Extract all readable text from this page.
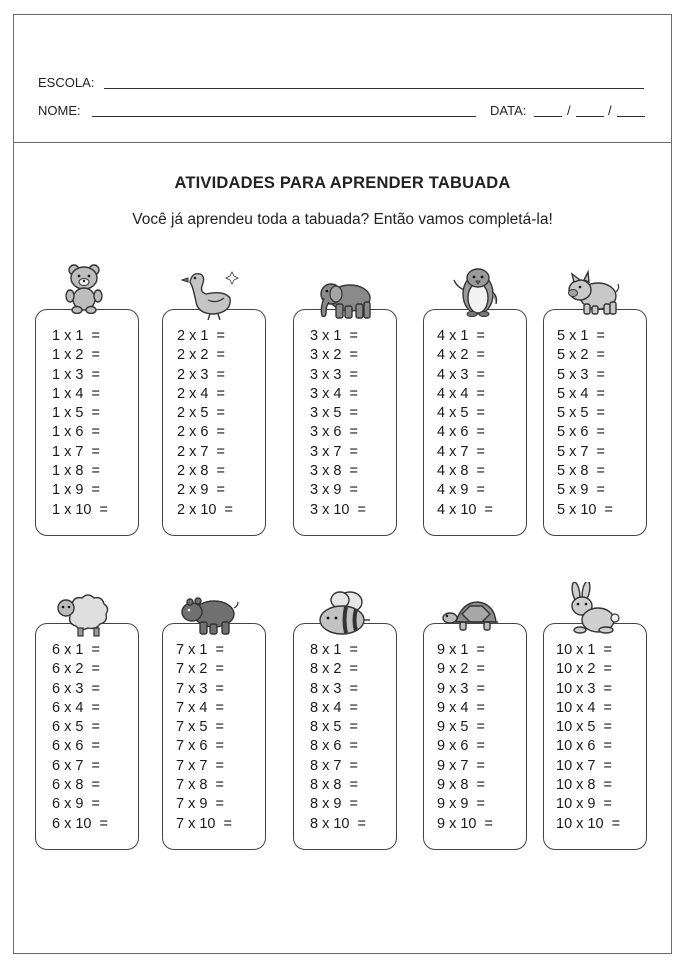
ESCOLA:
NOME:	DATA:	/	/
ATIVIDADES PARA APRENDER TABUADA
Você já aprendeu toda a tabuada? Então vamos completá-la!
1 x 1  =
1 x 2  =
1 x 3  =
1 x 4  =
1 x 5  =
1 x 6  =
1 x 7  =
1 x 8  =
1 x 9  =
1 x 10  =
2 x 1  =
2 x 2  =
2 x 3  =
2 x 4  =
2 x 5  =
2 x 6  =
2 x 7  =
2 x 8  =
2 x 9  =
2 x 10  =
3 x 1  =
3 x 2  =
3 x 3  =
3 x 4  =
3 x 5  =
3 x 6  =
3 x 7  =
3 x 8  =
3 x 9  =
3 x 10  =
4 x 1  =
4 x 2  =
4 x 3  =
4 x 4  =
4 x 5  =
4 x 6  =
4 x 7  =
4 x 8  =
4 x 9  =
4 x 10  =
5 x 1  =
5 x 2  =
5 x 3  =
5 x 4  =
5 x 5  =
5 x 6  =
5 x 7  =
5 x 8  =
5 x 9  =
5 x 10  =
6 x 1  =
6 x 2  =
6 x 3  =
6 x 4  =
6 x 5  =
6 x 6  =
6 x 7  =
6 x 8  =
6 x 9  =
6 x 10  =
7 x 1  =
7 x 2  =
7 x 3  =
7 x 4  =
7 x 5  =
7 x 6  =
7 x 7  =
7 x 8  =
7 x 9  =
7 x 10  =
8 x 1  =
8 x 2  =
8 x 3  =
8 x 4  =
8 x 5  =
8 x 6  =
8 x 7  =
8 x 8  =
8 x 9  =
8 x 10  =
9 x 1  =
9 x 2  =
9 x 3  =
9 x 4  =
9 x 5  =
9 x 6  =
9 x 7  =
9 x 8  =
9 x 9  =
9 x 10  =
10 x 1  =
10 x 2  =
10 x 3  =
10 x 4  =
10 x 5  =
10 x 6  =
10 x 7  =
10 x 8  =
10 x 9  =
10 x 10  =
